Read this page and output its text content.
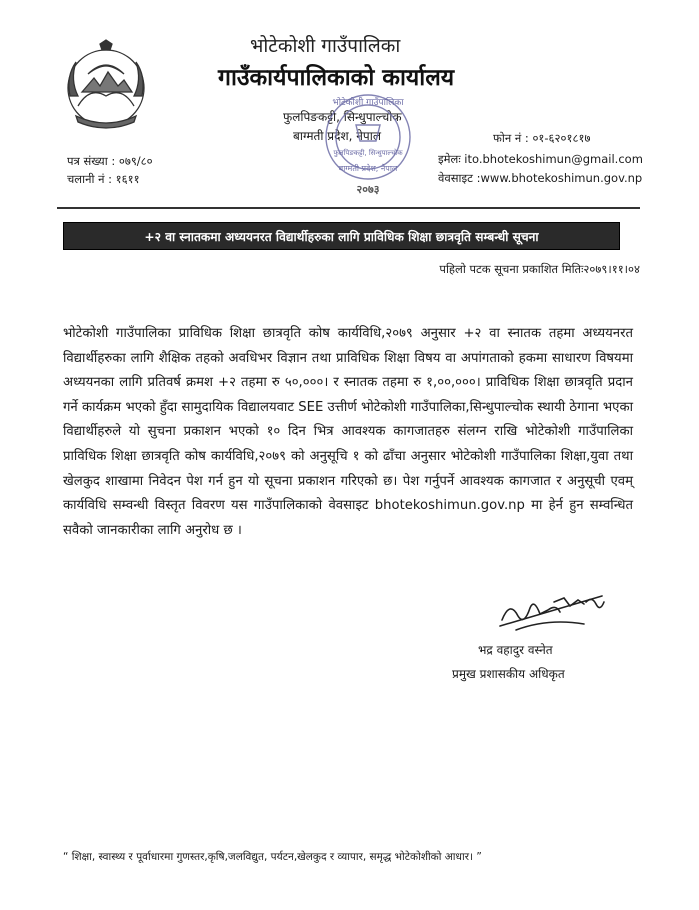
भोटेकोशी गाउँपालिका
गाउँकार्यपालिकाको कार्यालय
फुलपिङकट्टी, सिन्धुपाल्चोक
बाग्मती प्रदेश, नेपाल
भोटेकोशी गाउँपालिका
फुलपिङकट्टी, सिन्धुपाल्चोक
बाग्मती प्रदेश, नेपाल
२०७३
पत्र संख्या : ०७९/८०
चलानी नं : १६११
फोन नं : ०१-६२०१८१७
इमेलः ito.bhotekoshimun@gmail.com
वेवसाइट :www.bhotekoshimun.gov.np
+२ वा स्नातकमा अध्ययनरत विद्यार्थीहरुका लागि प्राविधिक शिक्षा छात्रवृति सम्बन्धी सूचना
पहिलो पटक सूचना प्रकाशित मितिः२०७९।११।०४
भोटेकोशी गाउँपालिका प्राविधिक शिक्षा छात्रवृति कोष कार्यविधि,२०७९ अनुसार +२ वा स्नातक तहमा अध्ययनरत विद्यार्थीहरुका लागि शैक्षिक तहको अवधिभर विज्ञान तथा प्राविधिक शिक्षा विषय वा अपांगताको हकमा साधारण विषयमा अध्ययनका लागि प्रतिवर्ष क्रमश +२ तहमा रु ५०,०००। र स्नातक तहमा रु १,००,०००। प्राविधिक शिक्षा छात्रवृति प्रदान गर्ने कार्यक्रम भएको हुँदा सामुदायिक विद्यालयवाट SEE उत्तीर्ण भोटेकोशी गाउँपालिका,सिन्धुपाल्चोक स्थायी ठेगाना भएका विद्यार्थीहरुले यो सुचना प्रकाशन भएको १० दिन भित्र आवश्यक कागजातहरु संलग्न राखि भोटेकोशी गाउँपालिका प्राविधिक शिक्षा छात्रवृति कोष कार्यविधि,२०७९ को अनुसूचि १ को ढाँचा अनुसार भोटेकोशी गाउँपालिका शिक्षा,युवा तथा खेलकुद शाखामा निवेदन पेश गर्न हुन यो सूचना प्रकाशन गरिएको छ। पेश गर्नुपर्ने आवश्यक कागजात र अनुसूची एवम् कार्यविधि सम्वन्धी विस्तृत विवरण यस गाउँपालिकाको वेवसाइट bhotekoshimun.gov.np मा हेर्न हुन सम्वन्धित सवैको जानकारीका लागि अनुरोध छ ।
भद्र वहादुर वस्नेत
प्रमुख प्रशासकीय अधिकृत
“ शिक्षा, स्वास्थ्य र पूर्वाधारमा गुणस्तर,कृषि,जलविद्युत, पर्यटन,खेलकुद र व्यापार, समृद्ध भोटेकोशीको आधार। ”
